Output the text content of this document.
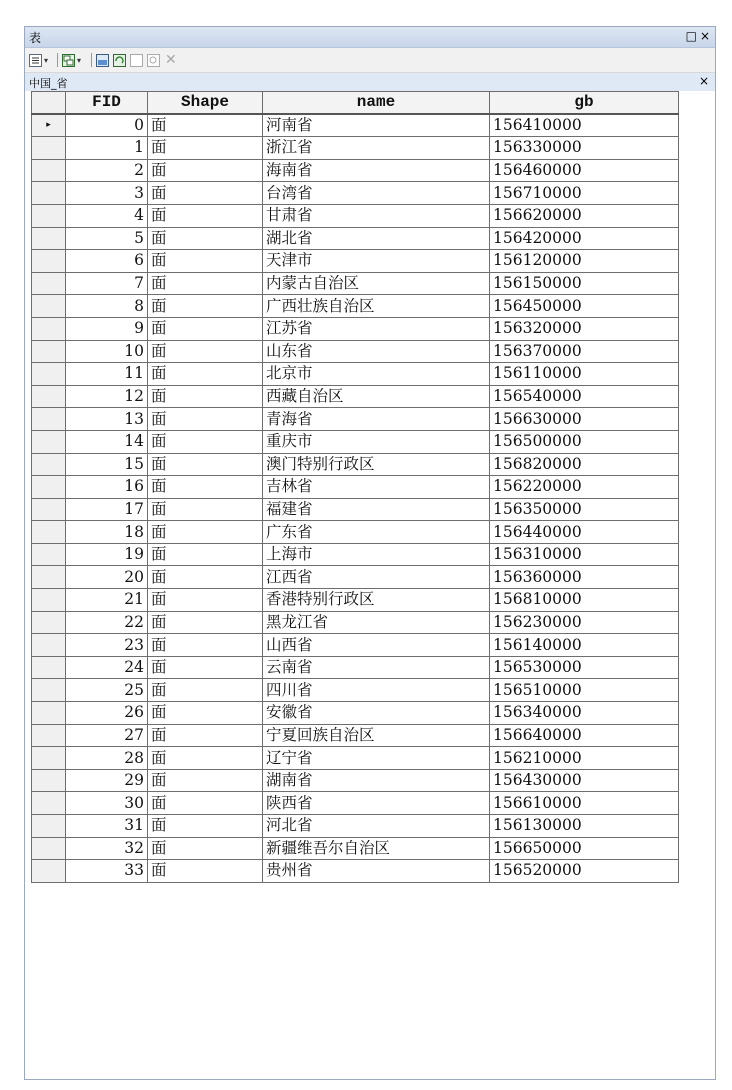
表	□ ×
▾	▾	✕
中国_省	×
	FID	Shape	name	gb
▸	0	面	河南省	156410000
	1	面	浙江省	156330000
	2	面	海南省	156460000
	3	面	台湾省	156710000
	4	面	甘肃省	156620000
	5	面	湖北省	156420000
	6	面	天津市	156120000
	7	面	内蒙古自治区	156150000
	8	面	广西壮族自治区	156450000
	9	面	江苏省	156320000
	10	面	山东省	156370000
	11	面	北京市	156110000
	12	面	西藏自治区	156540000
	13	面	青海省	156630000
	14	面	重庆市	156500000
	15	面	澳门特别行政区	156820000
	16	面	吉林省	156220000
	17	面	福建省	156350000
	18	面	广东省	156440000
	19	面	上海市	156310000
	20	面	江西省	156360000
	21	面	香港特别行政区	156810000
	22	面	黑龙江省	156230000
	23	面	山西省	156140000
	24	面	云南省	156530000
	25	面	四川省	156510000
	26	面	安徽省	156340000
	27	面	宁夏回族自治区	156640000
	28	面	辽宁省	156210000
	29	面	湖南省	156430000
	30	面	陕西省	156610000
	31	面	河北省	156130000
	32	面	新疆维吾尔自治区	156650000
	33	面	贵州省	156520000
